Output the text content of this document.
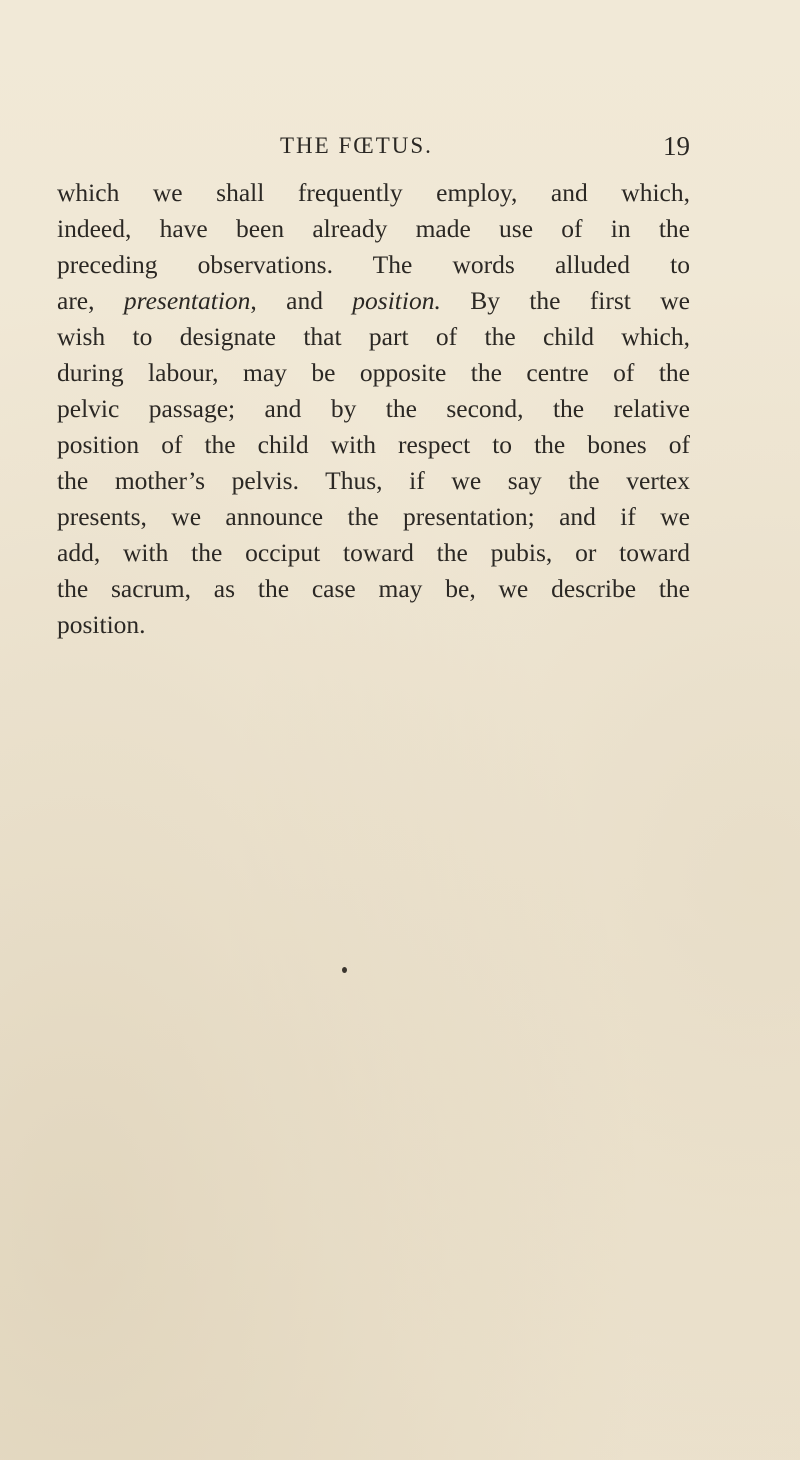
THE FŒTUS.	19
which we shall frequently employ, and which,
indeed, have been already made use of in the
preceding observations. The words alluded to
are, presentation, and position. By the first we
wish to designate that part of the child which,
during labour, may be opposite the centre of the
pelvic passage; and by the second, the relative
position of the child with respect to the bones of
the mother’s pelvis. Thus, if we say the vertex
presents, we announce the presentation; and if we
add, with the occiput toward the pubis, or toward
the sacrum, as the case may be, we describe the
position.
